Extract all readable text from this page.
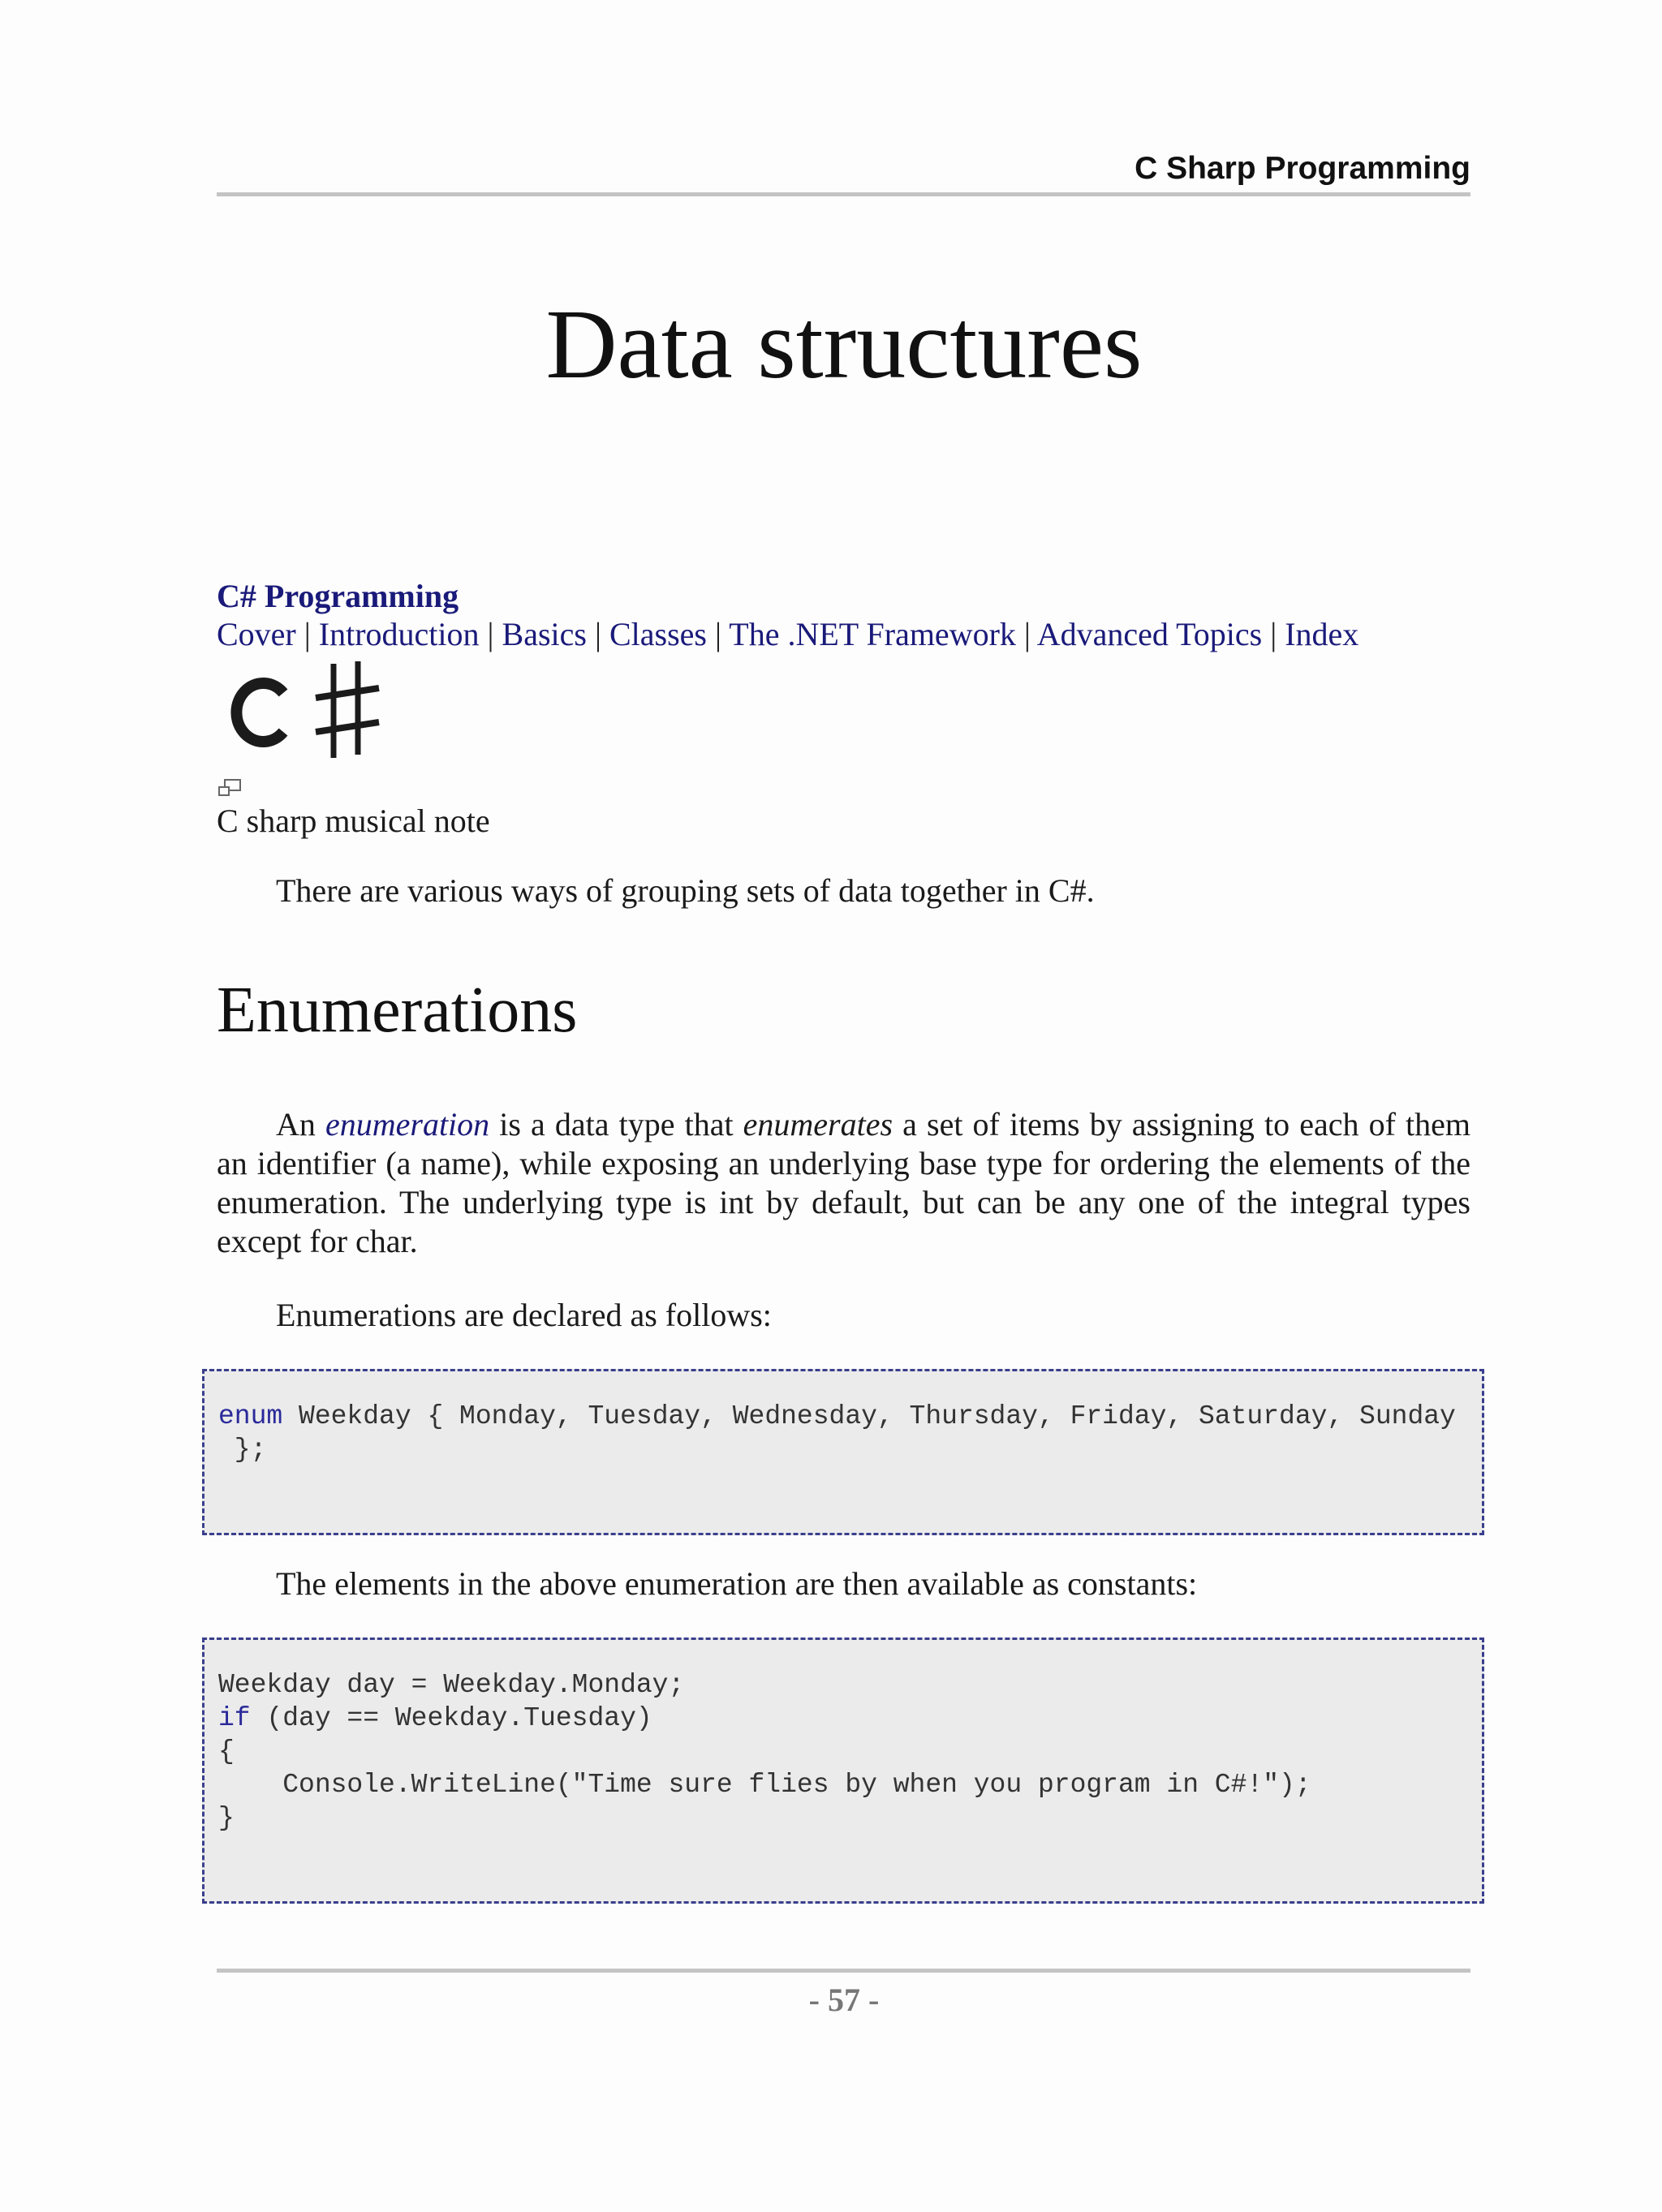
C Sharp Programming
Data structures
C# Programming
Cover | Introduction | Basics | Classes | The .NET Framework | Advanced Topics | Index
C sharp musical note

There are various ways of grouping sets of data together in C#.

Enumerations

An enumeration is a data type that enumerates a set of items by assigning to each of them an identifier (a name), while exposing an underlying base type for ordering the elements of the enumeration. The underlying type is int by default, but can be any one of the integral types except for char.

Enumerations are declared as follows:

enum Weekday { Monday, Tuesday, Wednesday, Thursday, Friday, Saturday, Sunday
};

The elements in the above enumeration are then available as constants:

Weekday day = Weekday.Monday;
if (day == Weekday.Tuesday)
{
Console.WriteLine("Time sure flies by when you program in C#!");
}
- 57 -
